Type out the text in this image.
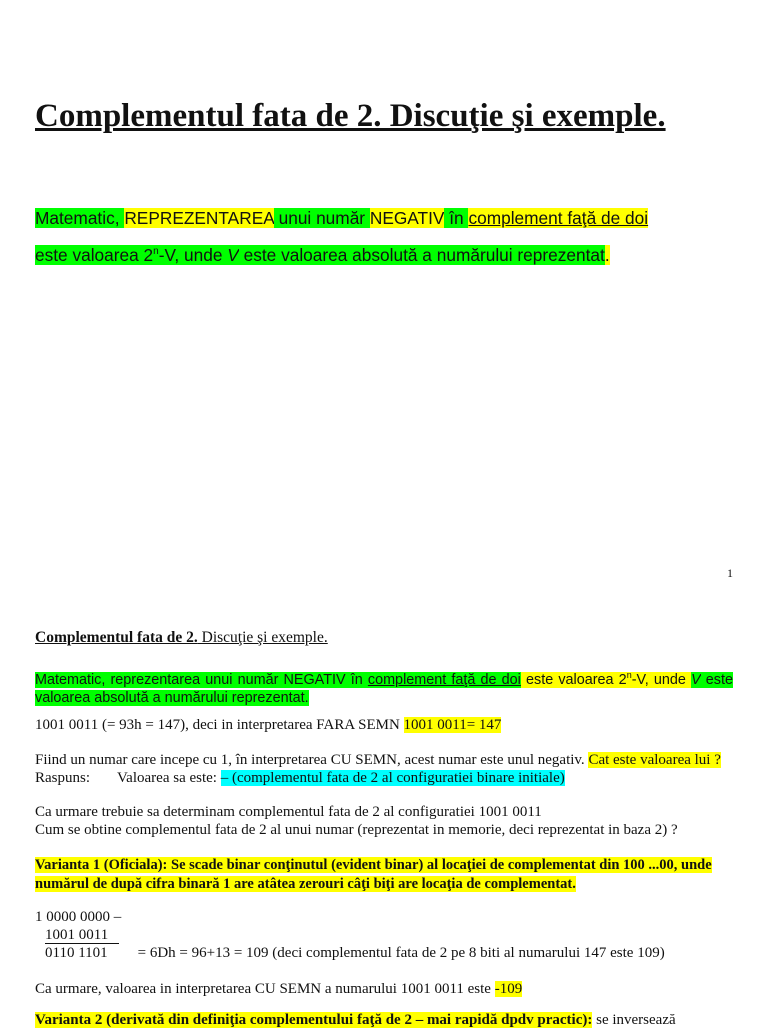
Complementul fata de 2. Discuţie şi exemple.
Matematic, REPREZENTAREA unui număr NEGATIV în complement faţă de doi
este valoarea 2$^n$-V, unde V este valoarea absolută a numărului reprezentat.
1
Complementul fata de 2. Discuţie şi exemple.
Matematic, reprezentarea unui număr NEGATIV în complement faţă de doi este valoarea 2$^n$-V, unde V este valoarea absolută a numărului reprezentat.
1001 0011 (= 93h = 147), deci in interpretarea FARA SEMN 1001 0011= 147
Fiind un numar care incepe cu 1, în interpretarea CU SEMN, acest numar este unul negativ. Cat este valoarea lui ?
Raspuns: Valoarea sa este: – (complementul fata de 2 al configuratiei binare initiale)
Ca urmare trebuie sa determinam complementul fata de 2 al configuratiei 1001 0011
Cum se obtine complementul fata de 2 al unui numar (reprezentat in memorie, deci reprezentat in baza 2) ?
Varianta 1 (Oficiala): Se scade binar conţinutul (evident binar) al locaţiei de complementat din 100 ...00, unde numărul de după cifra binară 1 are atâtea zerouri câţi biţi are locaţia de complementat.
1 0000 0000 –
1001 0011
0110 1101 = 6Dh = 96+13 = 109 (deci complementul fata de 2 pe 8 biti al numarului 147 este 109)
Ca urmare, valoarea in interpretarea CU SEMN a numarului 1001 0011 este -109
Varianta 2 (derivată din definiţia complementului faţă de 2 – mai rapidă dpdv practic): se inversează
